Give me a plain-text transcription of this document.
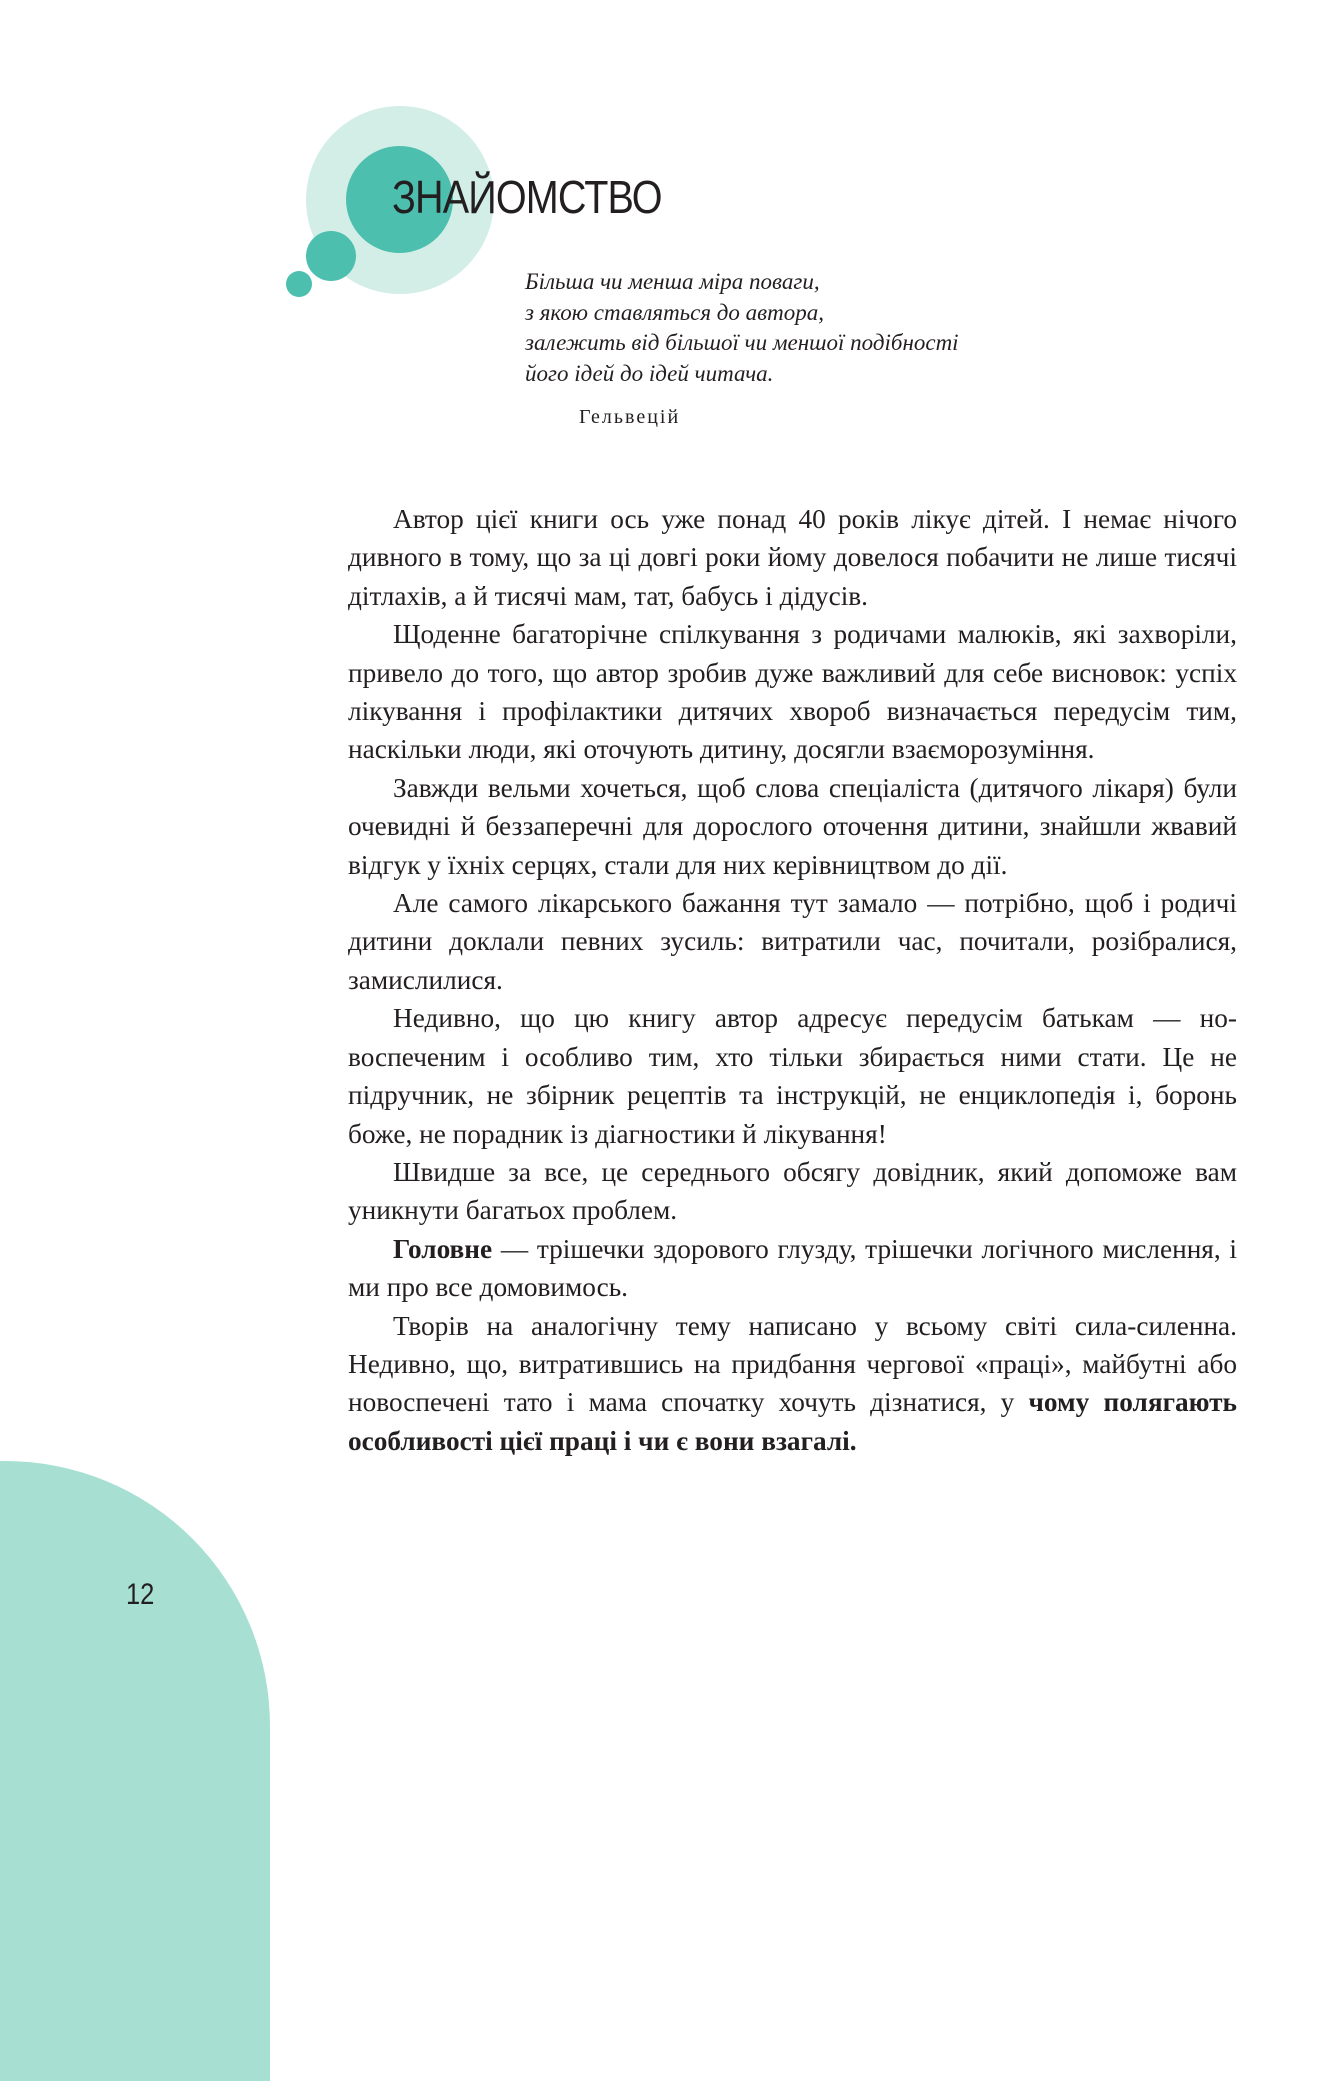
ЗНАЙОМСТВО
Більша чи менша міра поваги,
з якою ставляться до автора,
залежить від більшої чи меншої подібності
його ідей до ідей читача.
Гельвецій

Автор цієї книги ось уже понад 40 років лікує дітей. І немає нічого дивного в тому, що за ці довгі роки йому довелося побачити не лише тисячі дітлахів, а й тисячі мам, тат, бабусь і дідусів.

Щоденне багаторічне спілкування з родичами малюків, які захворіли, привело до того, що автор зробив дуже важливий для себе висновок: успіх лікування і профілактики дитячих хвороб визначається передусім тим, наскільки люди, які оточують дитину, досягли взаєморозуміння.

Завжди вельми хочеться, щоб слова спеціаліста (дитячого лікаря) були очевидні й беззаперечні для дорослого оточення дитини, знайшли жвавий відгук у їхніх серцях, стали для них керівництвом до дії.

Але самого лікарського бажання тут замало — потрібно, щоб і родичі дитини доклали певних зусиль: витратили час, почитали, розібралися, замислилися.

Недивно, що цю книгу автор адресує передусім батькам — новоспеченим і особливо тим, хто тільки збирається ними стати. Це не підручник, не збірник рецептів та інструкцій, не енциклопедія і, боронь боже, не порадник із діагностики й лікування!

Швидше за все, це середнього обсягу довідник, який допоможе вам уникнути багатьох проблем.

Головне — трішечки здорового глузду, трішечки логічного мислення, і ми про все домовимось.

Творів на аналогічну тему написано у всьому світі сила-силенна. Недивно, що, витратившись на придбання чергової «праці», майбутні або новоспечені тато і мама спочатку хочуть дізнатися, у чому полягають особливості цієї праці і чи є вони взагалі.

12
